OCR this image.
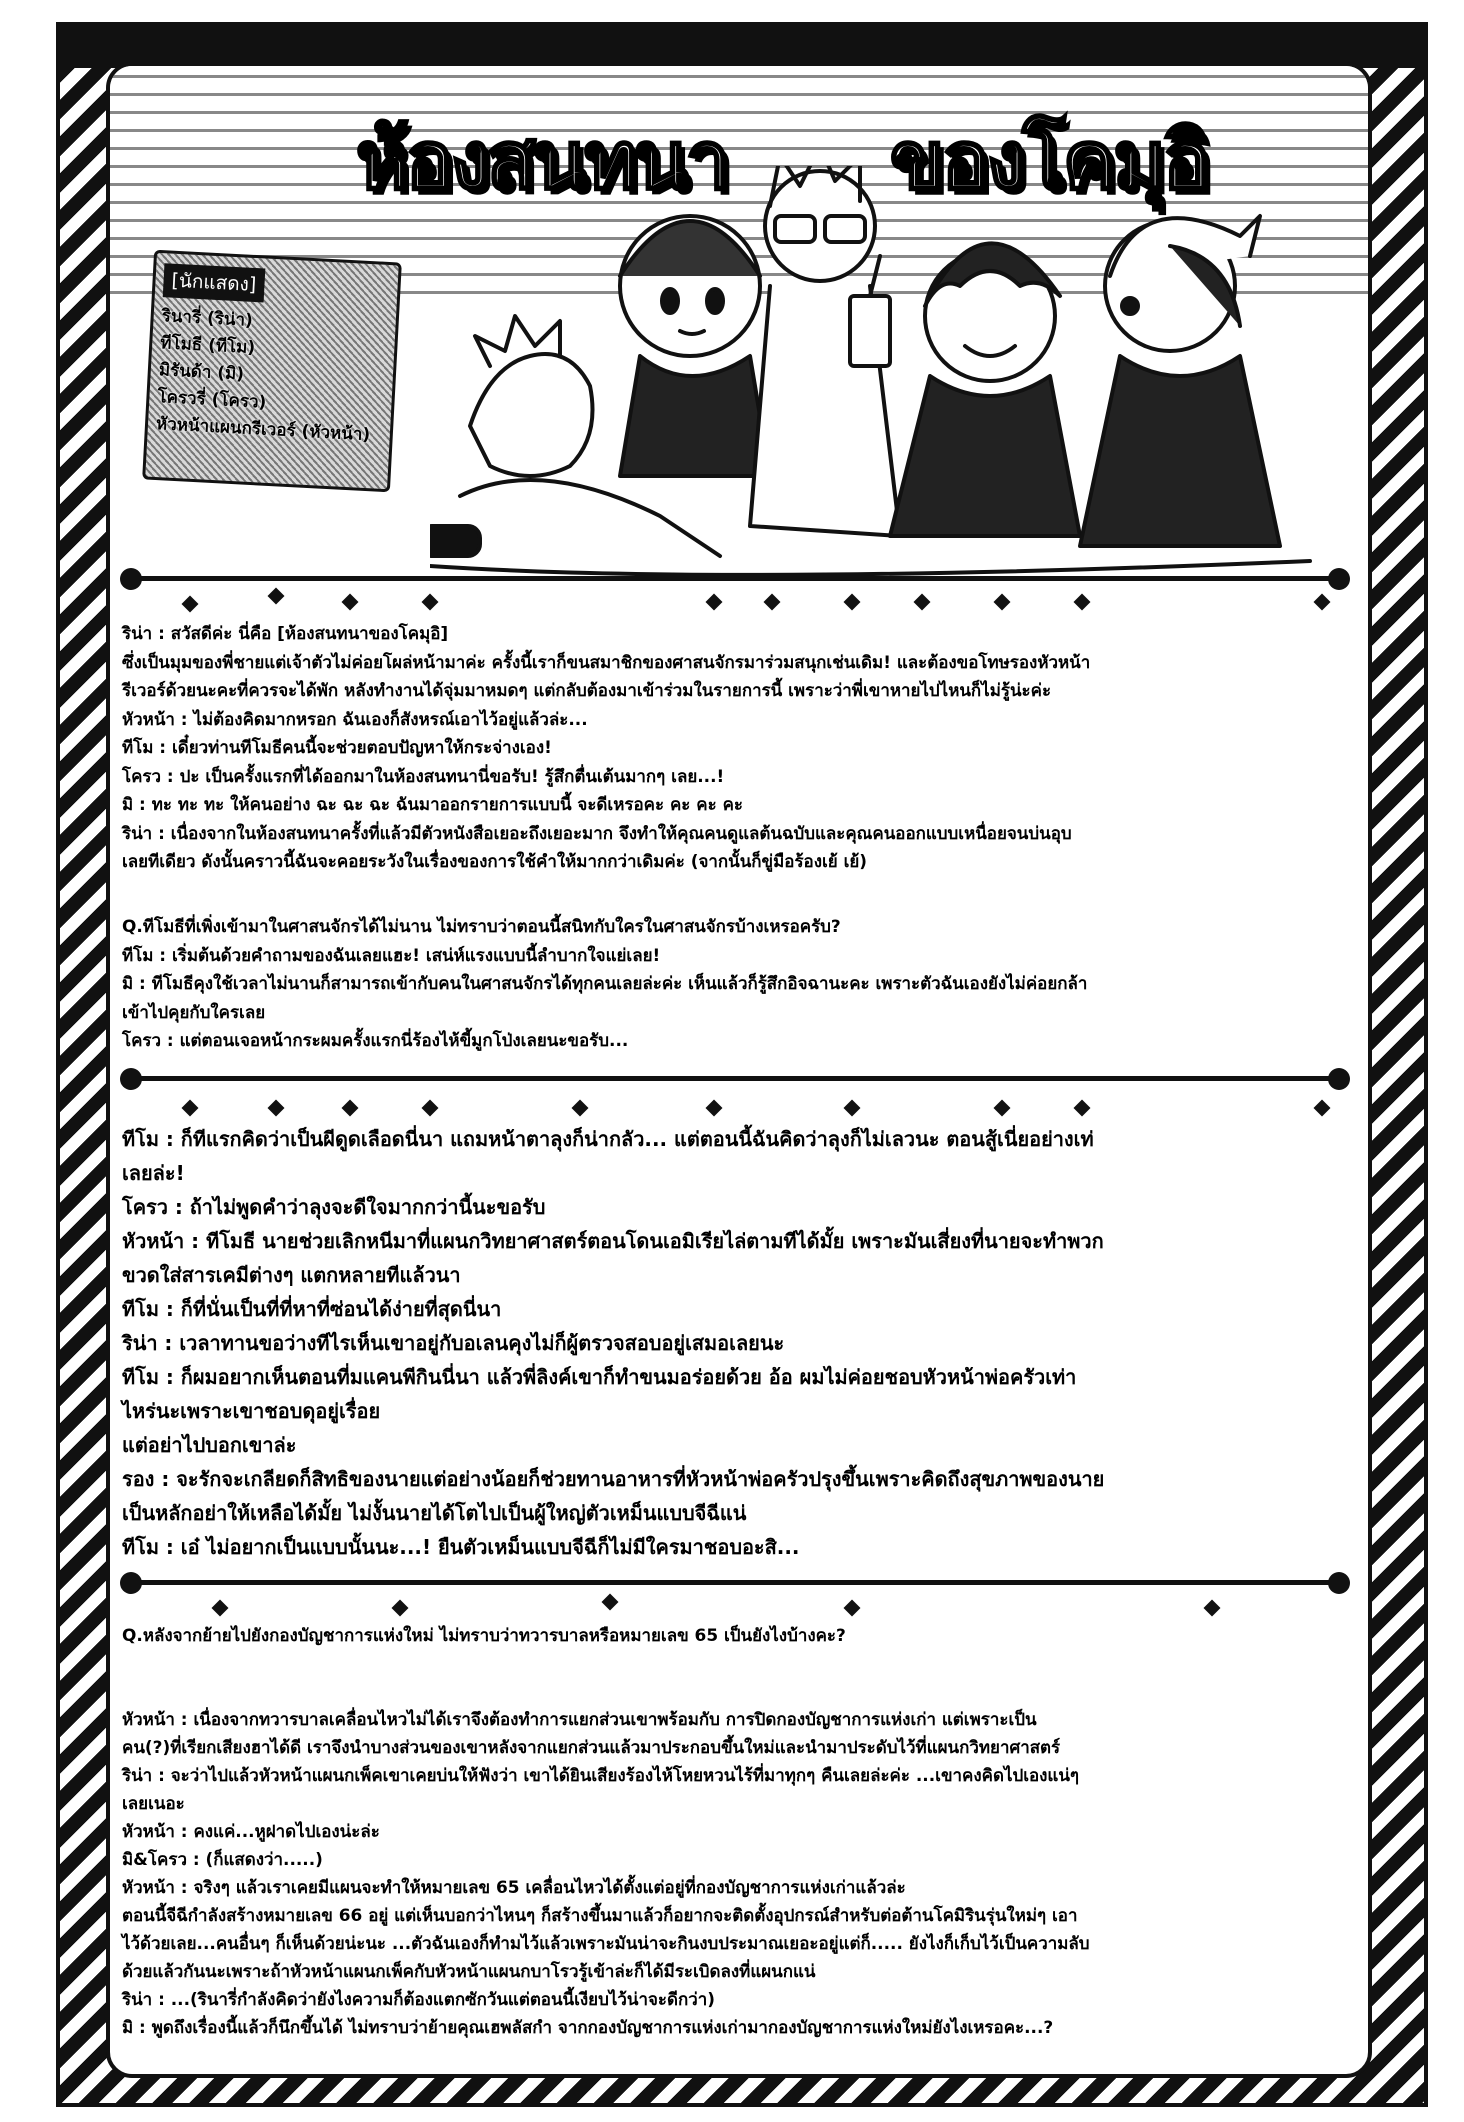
ห้องสนทนา ของโคมุอิ
[นักแสดง]
รินารี่ (ริน่า)
ทีโมธี (ทีโม)
มิรันด้า (มิ)
โครวรี่ (โครว)
หัวหน้าแผนกรีเวอร์ (หัวหน้า)

ริน่า : สวัสดีค่ะ นี่คือ [ห้องสนทนาของโคมุอิ]

ซึ่งเป็นมุมของพี่ชายแต่เจ้าตัวไม่ค่อยโผล่หน้ามาค่ะ ครั้งนี้เราก็ขนสมาชิกของศาสนจักรมาร่วมสนุกเช่นเดิม! และต้องขอโทษรองหัวหน้า

รีเวอร์ด้วยนะคะที่ควรจะได้พัก หลังทำงานได้จุ่มมาหมดๆ แต่กลับต้องมาเข้าร่วมในรายการนี้ เพราะว่าพี่เขาหายไปไหนก็ไม่รู้น่ะค่ะ

หัวหน้า : ไม่ต้องคิดมากหรอก ฉันเองก็สังหรณ์เอาไว้อยู่แล้วล่ะ...

ทีโม : เดี๋ยวท่านทีโมธีคนนี้จะช่วยตอบปัญหาให้กระจ่างเอง!

โครว : ปะ เป็นครั้งแรกที่ได้ออกมาในห้องสนทนานี่ขอรับ! รู้สึกตื่นเต้นมากๆ เลย...!

มิ : ทะ ทะ ทะ ให้คนอย่าง ฉะ ฉะ ฉะ ฉันมาออกรายการแบบนี้ จะดีเหรอคะ คะ คะ คะ

ริน่า : เนื่องจากในห้องสนทนาครั้งที่แล้วมีตัวหนังสือเยอะถึงเยอะมาก จึงทำให้คุณคนดูแลต้นฉบับและคุณคนออกแบบเหนื่อยจนบ่นอุบ

เลยทีเดียว ดังนั้นคราวนี้ฉันจะคอยระวังในเรื่องของการใช้คำให้มากกว่าเดิมค่ะ (จากนั้นก็ขู่มือร้องเย้ เย้)

Q.ทีโมธีที่เพิ่งเข้ามาในศาสนจักรได้ไม่นาน ไม่ทราบว่าตอนนี้สนิทกับใครในศาสนจักรบ้างเหรอครับ?

ทีโม : เริ่มต้นด้วยคำถามของฉันเลยแฮะ! เสน่ห์แรงแบบนี้ลำบากใจแย่เลย!

มิ : ทีโมธีคุงใช้เวลาไม่นานก็สามารถเข้ากับคนในศาสนจักรได้ทุกคนเลยล่ะค่ะ เห็นแล้วก็รู้สึกอิจฉานะคะ เพราะตัวฉันเองยังไม่ค่อยกล้า

เข้าไปคุยกับใครเลย

โครว : แต่ตอนเจอหน้ากระผมครั้งแรกนี่ร้องไห้ขี้มูกโป่งเลยนะขอรับ...

ทีโม : ก็ทีแรกคิดว่าเป็นผีดูดเลือดนี่นา แถมหน้าตาลุงก็น่ากลัว... แต่ตอนนี้ฉันคิดว่าลุงก็ไม่เลวนะ ตอนสู้เนี่ยอย่างเท่

เลยล่ะ!

โครว : ถ้าไม่พูดคำว่าลุงจะดีใจมากกว่านี้นะขอรับ

หัวหน้า : ทีโมธี นายช่วยเลิกหนีมาที่แผนกวิทยาศาสตร์ตอนโดนเอมิเรียไล่ตามทีได้มั้ย เพราะมันเสี่ยงที่นายจะทำพวก

ขวดใส่สารเคมีต่างๆ แตกหลายทีแล้วนา

ทีโม : ก็ที่นั่นเป็นที่ที่หาที่ซ่อนได้ง่ายที่สุดนี่นา

ริน่า : เวลาทานขอว่างทีไรเห็นเขาอยู่กับอเลนคุงไม่ก็ผู้ตรวจสอบอยู่เสมอเลยนะ

ทีโม : ก็ผมอยากเห็นตอนที่มแคนพีกินนี่นา แล้วพี่ลิงค์เขาก็ทำขนมอร่อยด้วย อ้อ ผมไม่ค่อยชอบหัวหน้าพ่อครัวเท่า

ไหร่นะเพราะเขาชอบดุอยู่เรื่อย

แต่อย่าไปบอกเขาล่ะ

รอง : จะรักจะเกลียดก็สิทธิของนายแต่อย่างน้อยก็ช่วยทานอาหารที่หัวหน้าพ่อครัวปรุงขึ้นเพราะคิดถึงสุขภาพของนาย

เป็นหลักอย่าให้เหลือได้มั้ย ไม่งั้นนายได้โตไปเป็นผู้ใหญ่ตัวเหม็นแบบจีฉีแน่

ทีโม : เอ๋ ไม่อยากเป็นแบบนั้นนะ...! ยืนตัวเหม็นแบบจีฉีก็ไม่มีใครมาชอบอะสิ...

Q.หลังจากย้ายไปยังกองบัญชาการแห่งใหม่ ไม่ทราบว่าทวารบาลหรือหมายเลข 65 เป็นยังไงบ้างคะ?

หัวหน้า : เนื่องจากทวารบาลเคลื่อนไหวไม่ได้เราจึงต้องทำการแยกส่วนเขาพร้อมกับ การปิดกองบัญชาการแห่งเก่า แต่เพราะเป็น

คน(?)ที่เรียกเสียงฮาได้ดี เราจึงนำบางส่วนของเขาหลังจากแยกส่วนแล้วมาประกอบขึ้นใหม่และนำมาประดับไว้ที่แผนกวิทยาศาสตร์

ริน่า : จะว่าไปแล้วหัวหน้าแผนกเพ็คเขาเคยบ่นให้ฟังว่า เขาได้ยินเสียงร้องไห้โหยหวนไร้ที่มาทุกๆ คืนเลยล่ะค่ะ ...เขาคงคิดไปเองแน่ๆ

เลยเนอะ

หัวหน้า : คงแค่...หูฝาดไปเองน่ะล่ะ

มิ&โครว : (ก็แสดงว่า.....)

หัวหน้า : จริงๆ แล้วเราเคยมีแผนจะทำให้หมายเลข 65 เคลื่อนไหวได้ตั้งแต่อยู่ที่กองบัญชาการแห่งเก่าแล้วล่ะ

ตอนนี้จีฉีกำลังสร้างหมายเลข 66 อยู่ แต่เห็นบอกว่าไหนๆ ก็สร้างขึ้นมาแล้วก็อยากจะติดตั้งอุปกรณ์สำหรับต่อต้านโคมิรินรุ่นใหม่ๆ เอา

ไว้ด้วยเลย...คนอื่นๆ ก็เห็นด้วยน่ะนะ ...ตัวฉันเองก็ทำมไว้แล้วเพราะมันน่าจะกินงบประมาณเยอะอยู่แต่ก็..... ยังไงก็เก็บไว้เป็นความลับ

ด้วยแล้วกันนะเพราะถ้าหัวหน้าแผนกเพ็คกับหัวหน้าแผนกบาโรวรู้เข้าล่ะก็ได้มีระเบิดลงที่แผนกแน่

ริน่า : ...(รินารี่กำลังคิดว่ายังไงความก็ต้องแตกซักวันแต่ตอนนี้เงียบไว้น่าจะดีกว่า)

มิ : พูดถึงเรื่องนี้แล้วก็นึกขึ้นได้ ไม่ทราบว่าย้ายคุณเฮพลัสกำ จากกองบัญชาการแห่งเก่ามากองบัญชาการแห่งใหม่ยังไงเหรอคะ...?
